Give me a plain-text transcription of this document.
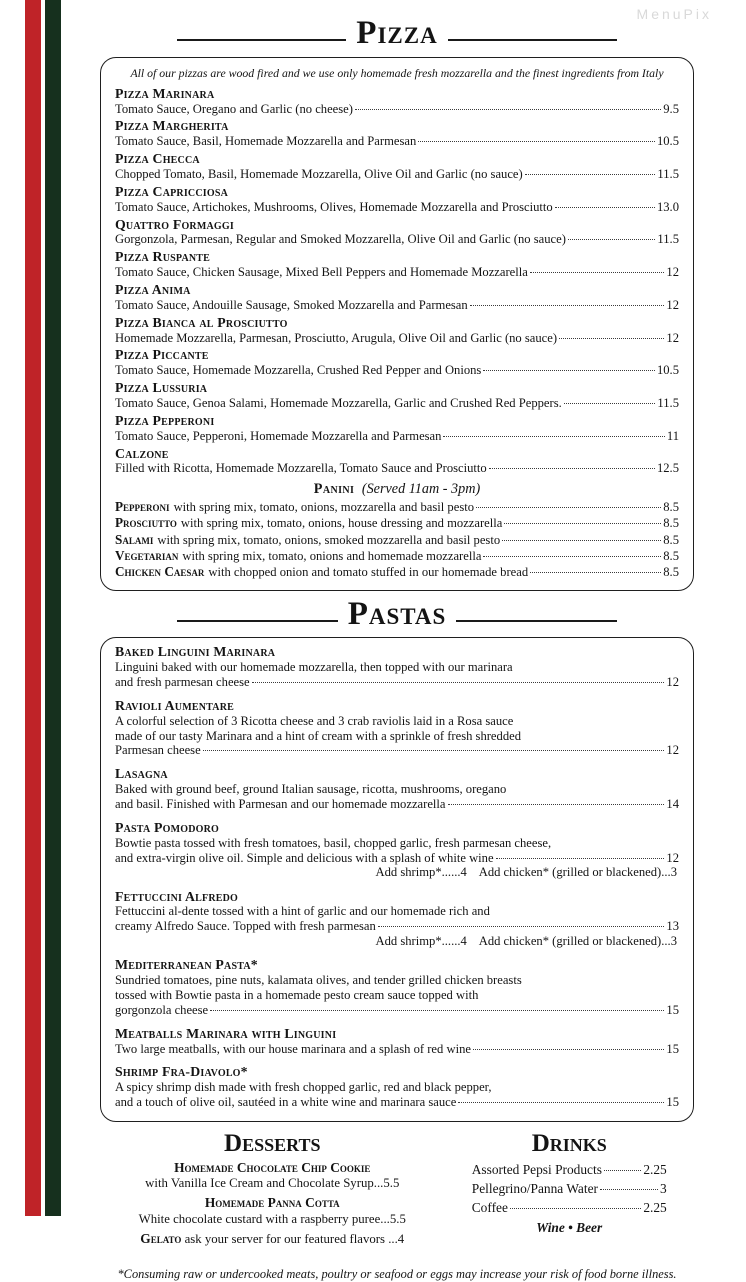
MenuPix
Pizza
All of our pizzas are wood fired and we use only homemade fresh mozzarella and the finest ingredients from Italy
Pizza Marinara
Tomato Sauce, Oregano and Garlic (no cheese)	9.5
Pizza Margherita
Tomato Sauce, Basil, Homemade Mozzarella and Parmesan	10.5
Pizza Checca
Chopped Tomato, Basil, Homemade Mozzarella, Olive Oil and Garlic (no sauce)	11.5
Pizza Capricciosa
Tomato Sauce, Artichokes, Mushrooms, Olives, Homemade Mozzarella and Prosciutto	13.0
Quattro Formaggi
Gorgonzola, Parmesan, Regular and Smoked Mozzarella, Olive Oil and Garlic (no sauce)	11.5
Pizza Ruspante
Tomato Sauce, Chicken Sausage, Mixed Bell Peppers and Homemade Mozzarella	12
Pizza Anima
Tomato Sauce, Andouille Sausage, Smoked Mozzarella and Parmesan	12
Pizza Bianca al Prosciutto
Homemade Mozzarella, Parmesan, Prosciutto, Arugula, Olive Oil and Garlic (no sauce)	12
Pizza Piccante
Tomato Sauce, Homemade Mozzarella, Crushed Red Pepper and Onions	10.5
Pizza Lussuria
Tomato Sauce, Genoa Salami, Homemade Mozzarella, Garlic and Crushed Red Peppers.	11.5
Pizza Pepperoni
Tomato Sauce, Pepperoni, Homemade Mozzarella and Parmesan	11
Calzone
Filled with Ricotta, Homemade Mozzarella, Tomato Sauce and Prosciutto	12.5
Panini (Served 11am - 3pm)
Pepperoni with spring mix, tomato, onions, mozzarella and basil pesto	8.5
Prosciutto with spring mix, tomato, onions, house dressing and mozzarella	8.5
Salami with spring mix, tomato, onions, smoked mozzarella and basil pesto	8.5
Vegetarian with spring mix, tomato, onions and homemade mozzarella	8.5
Chicken Caesar with chopped onion and tomato stuffed in our homemade bread	8.5
Pastas
Baked Linguini Marinara
Linguini baked with our homemade mozzarella, then topped with our marinara
and fresh parmesan cheese	12
Ravioli Aumentare
A colorful selection of 3 Ricotta cheese and 3 crab raviolis laid in a Rosa sauce
made of our tasty Marinara and a hint of cream with a sprinkle of fresh shredded
Parmesan cheese	12
Lasagna
Baked with ground beef, ground Italian sausage, ricotta, mushrooms, oregano
and basil. Finished with Parmesan and our homemade mozzarella	14
Pasta Pomodoro
Bowtie pasta tossed with fresh tomatoes, basil, chopped garlic, fresh parmesan cheese,
and extra-virgin olive oil. Simple and delicious with a splash of white wine	12
Add shrimp*......4    Add chicken* (grilled or blackened)...3
Fettuccini Alfredo
Fettuccini al-dente tossed with a hint of garlic and our homemade rich and
creamy Alfredo Sauce. Topped with fresh parmesan	13
Add shrimp*......4    Add chicken* (grilled or blackened)...3
Mediterranean Pasta*
Sundried tomatoes, pine nuts, kalamata olives, and tender grilled chicken breasts
tossed with Bowtie pasta in a homemade pesto cream sauce topped with
gorgonzola cheese	15
Meatballs Marinara with Linguini
Two large meatballs, with our house marinara and a splash of red wine	15
Shrimp Fra-Diavolo*
A spicy shrimp dish made with fresh chopped garlic, red and black pepper,
and a touch of olive oil, sautéed in a white wine and marinara sauce	15
Desserts
Homemade Chocolate Chip Cookie
with Vanilla Ice Cream and Chocolate Syrup...5.5
Homemade Panna Cotta
White chocolate custard with a raspberry puree...5.5
Gelato ask your server for our featured flavors ...4
Drinks
Assorted Pepsi Products	2.25
Pellegrino/Panna Water	3
Coffee	2.25
Wine • Beer
*Consuming raw or undercooked meats, poultry or seafood or eggs may increase your risk of food borne illness.
